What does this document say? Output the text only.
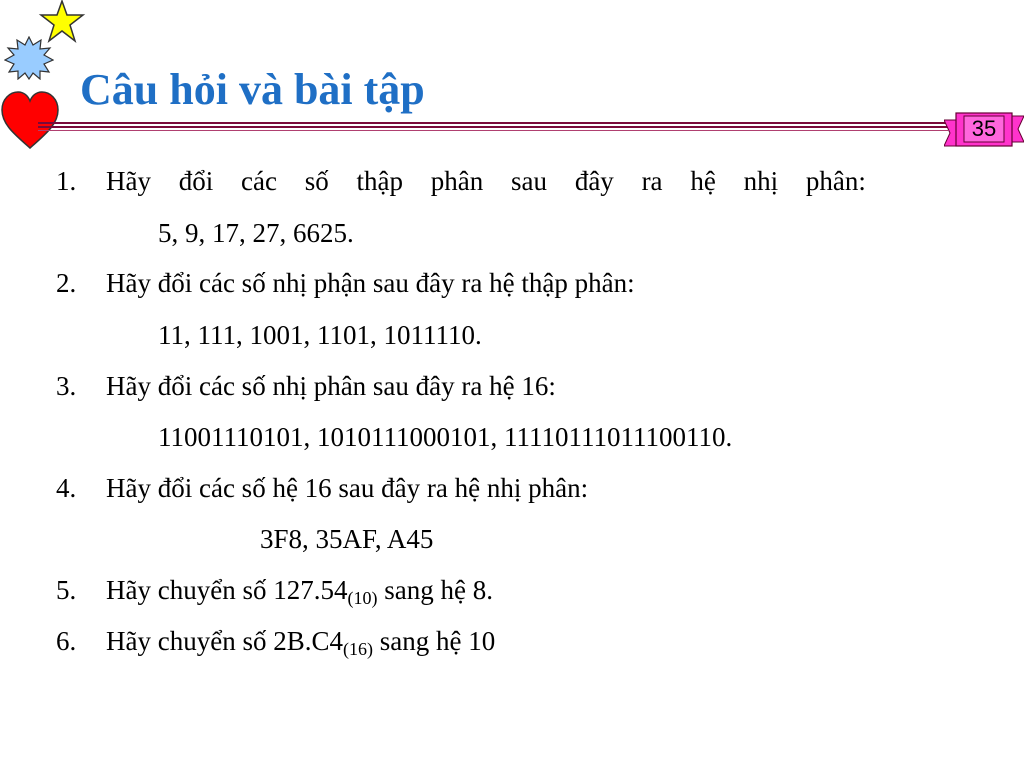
Câu hỏi và bài tập
35
1. Hãy đổi các số thập phân sau đây ra hệ nhị phân:
5, 9, 17, 27, 6625.
2. Hãy đổi các số nhị phận sau đây ra hệ thập phân:
11, 111, 1001, 1101, 1011110.
3. Hãy đổi các số nhị phân sau đây ra hệ 16:
11001110101, 1010111000101, 11110111011100110.
4. Hãy đổi các số hệ 16 sau đây ra hệ nhị phân:
3F8, 35AF, A45
5. Hãy chuyển số $127.54_{(10)}$ sang hệ 8.
6. Hãy chuyển số $2B.C4_{(16)}$ sang hệ 10
